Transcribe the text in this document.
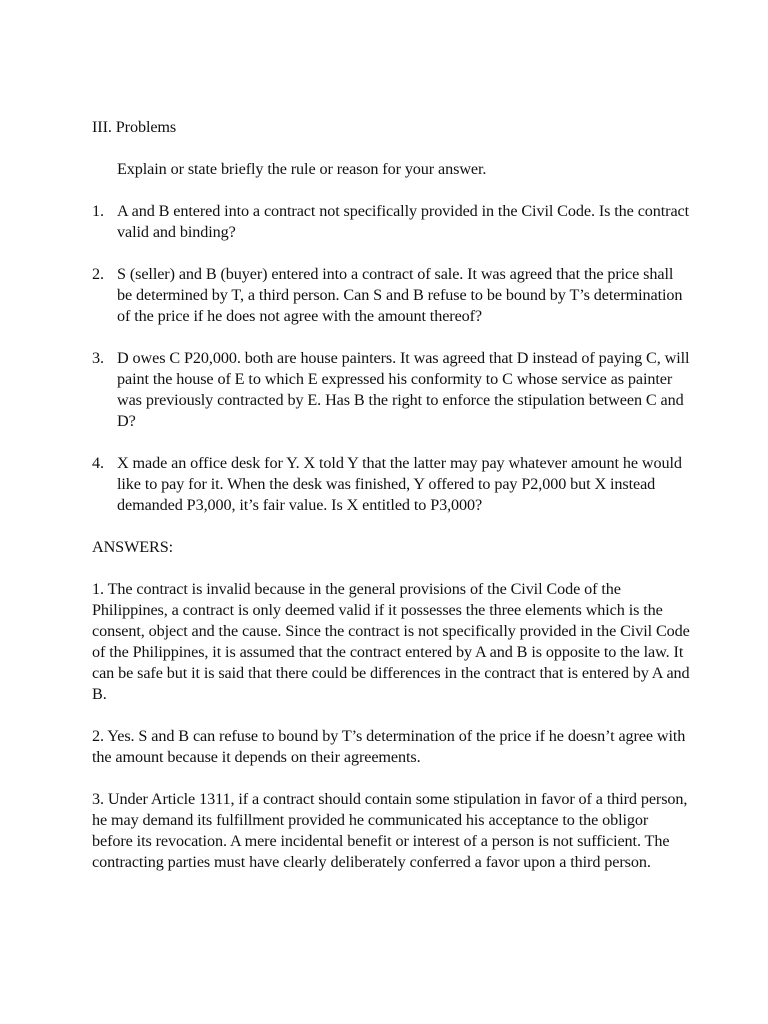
III. Problems
Explain or state briefly the rule or reason for your answer.
1. A and B entered into a contract not specifically provided in the Civil Code. Is the contract valid and binding?
2. S (seller) and B (buyer) entered into a contract of sale. It was agreed that the price shall be determined by T, a third person. Can S and B refuse to be bound by T’s determination of the price if he does not agree with the amount thereof?
3. D owes C P20,000. both are house painters. It was agreed that D instead of paying C, will paint the house of E to which E expressed his conformity to C whose service as painter was previously contracted by E. Has B the right to enforce the stipulation between C and D?
4. X made an office desk for Y. X told Y that the latter may pay whatever amount he would like to pay for it. When the desk was finished, Y offered to pay P2,000 but X instead demanded P3,000, it’s fair value. Is X entitled to P3,000?
ANSWERS:
1. The contract is invalid because in the general provisions of the Civil Code of the Philippines, a contract is only deemed valid if it possesses the three elements which is the consent, object and the cause. Since the contract is not specifically provided in the Civil Code of the Philippines, it is assumed that the contract entered by A and B is opposite to the law. It can be safe but it is said that there could be differences in the contract that is entered by A and B.
2. Yes. S and B can refuse to bound by T’s determination of the price if he doesn’t agree with the amount because it depends on their agreements.
3. Under Article 1311, if a contract should contain some stipulation in favor of a third person, he may demand its fulfillment provided he communicated his acceptance to the obligor before its revocation. A mere incidental benefit or interest of a person is not sufficient. The contracting parties must have clearly deliberately conferred a favor upon a third person.
